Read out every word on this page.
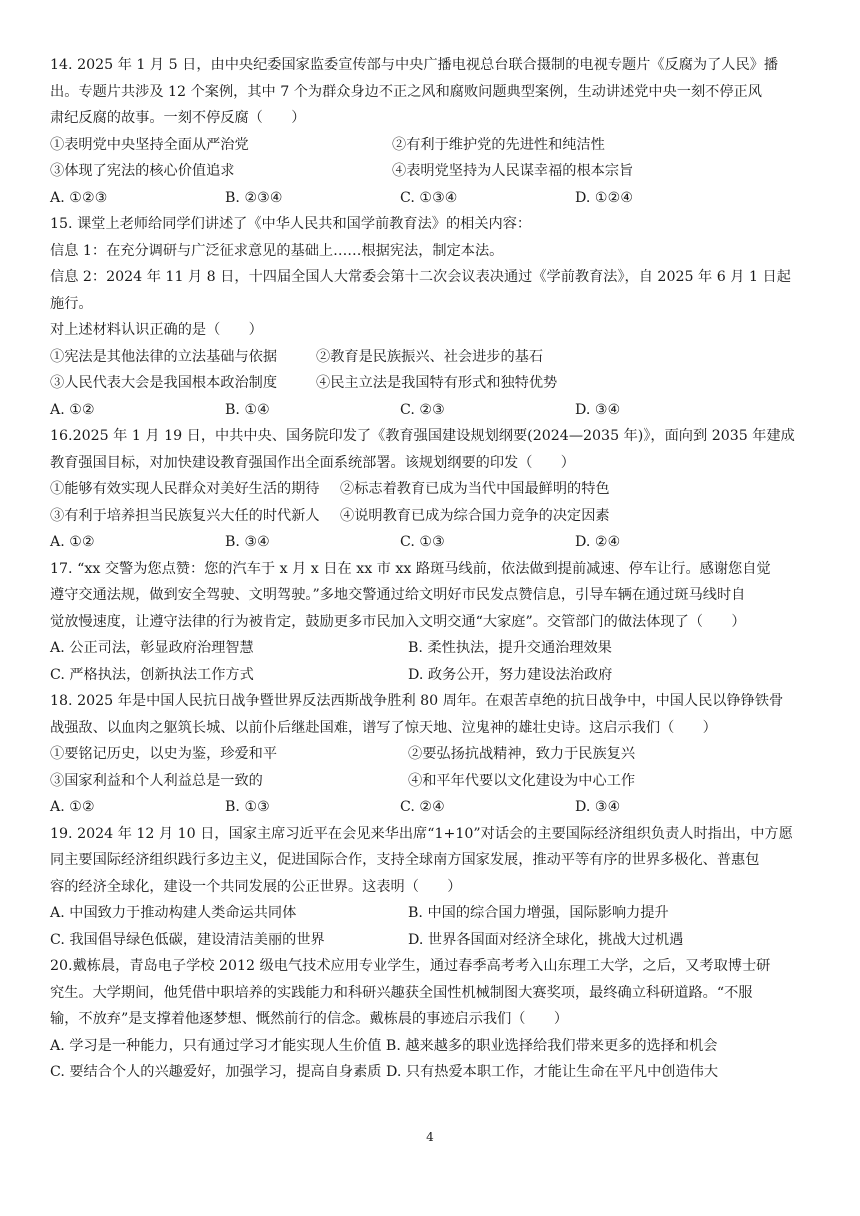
14. 2025 年 1 月 5 日，由中央纪委国家监委宣传部与中央广播电视总台联合摄制的电视专题片《反腐为了人民》播
出。专题片共涉及 12 个案例，其中 7 个为群众身边不正之风和腐败问题典型案例，生动讲述党中央一刻不停正风
肃纪反腐的故事。一刻不停反腐（　　）
①表明党中央坚持全面从严治党	②有利于维护党的先进性和纯洁性
③体现了宪法的核心价值追求	④表明党坚持为人民谋幸福的根本宗旨
A. ①②③	B. ②③④	C. ①③④	D. ①②④
15. 课堂上老师给同学们讲述了《中华人民共和国学前教育法》的相关内容：
信息 1：在充分调研与广泛征求意见的基础上……根据宪法，制定本法。
信息 2：2024 年 11 月 8 日，十四届全国人大常委会第十二次会议表决通过《学前教育法》，自 2025 年 6 月 1 日起
施行。
对上述材料认识正确的是（　　）
①宪法是其他法律的立法基础与依据	②教育是民族振兴、社会进步的基石
③人民代表大会是我国根本政治制度	④民主立法是我国特有形式和独特优势
A. ①②	B. ①④	C. ②③	D. ③④
16.2025 年 1 月 19 日，中共中央、国务院印发了《教育强国建设规划纲要(2024—2035 年)》，面向到 2035 年建成
教育强国目标，对加快建设教育强国作出全面系统部署。该规划纲要的印发（　　）
①能够有效实现人民群众对美好生活的期待	②标志着教育已成为当代中国最鲜明的特色
③有利于培养担当民族复兴大任的时代新人	④说明教育已成为综合国力竞争的决定因素
A. ①②	B. ③④	C. ①③	D. ②④
17. “xx 交警为您点赞：您的汽车于 x 月 x 日在 xx 市 xx 路斑马线前，依法做到提前减速、停车让行。感谢您自觉
遵守交通法规，做到安全驾驶、文明驾驶。”多地交警通过给文明好市民发点赞信息，引导车辆在通过斑马线时自
觉放慢速度，让遵守法律的行为被肯定，鼓励更多市民加入文明交通“大家庭”。交管部门的做法体现了（　　）
A. 公正司法，彰显政府治理智慧	B. 柔性执法，提升交通治理效果
C. 严格执法，创新执法工作方式	D. 政务公开，努力建设法治政府
18. 2025 年是中国人民抗日战争暨世界反法西斯战争胜利 80 周年。在艰苦卓绝的抗日战争中，中国人民以铮铮铁骨
战强敌、以血肉之躯筑长城、以前仆后继赴国难，谱写了惊天地、泣鬼神的雄壮史诗。这启示我们（　　）
①要铭记历史，以史为鉴，珍爱和平	②要弘扬抗战精神，致力于民族复兴
③国家利益和个人利益总是一致的	④和平年代要以文化建设为中心工作
A. ①②	B. ①③	C. ②④	D. ③④
19. 2024 年 12 月 10 日，国家主席习近平在会见来华出席“1+10”对话会的主要国际经济组织负责人时指出，中方愿
同主要国际经济组织践行多边主义，促进国际合作，支持全球南方国家发展，推动平等有序的世界多极化、普惠包
容的经济全球化，建设一个共同发展的公正世界。这表明（　　）
A. 中国致力于推动构建人类命运共同体	B. 中国的综合国力增强，国际影响力提升
C. 我国倡导绿色低碳，建设清洁美丽的世界	D. 世界各国面对经济全球化，挑战大过机遇
20.戴栋晨，青岛电子学校 2012 级电气技术应用专业学生，通过春季高考考入山东理工大学，之后，又考取博士研
究生。大学期间，他凭借中职培养的实践能力和科研兴趣获全国性机械制图大赛奖项，最终确立科研道路。“不服
输，不放弃”是支撑着他逐梦想、慨然前行的信念。戴栋晨的事迹启示我们（　　）
A. 学习是一种能力，只有通过学习才能实现人生价值 B. 越来越多的职业选择给我们带来更多的选择和机会
C. 要结合个人的兴趣爱好，加强学习，提高自身素质 D. 只有热爱本职工作，才能让生命在平凡中创造伟大
4
